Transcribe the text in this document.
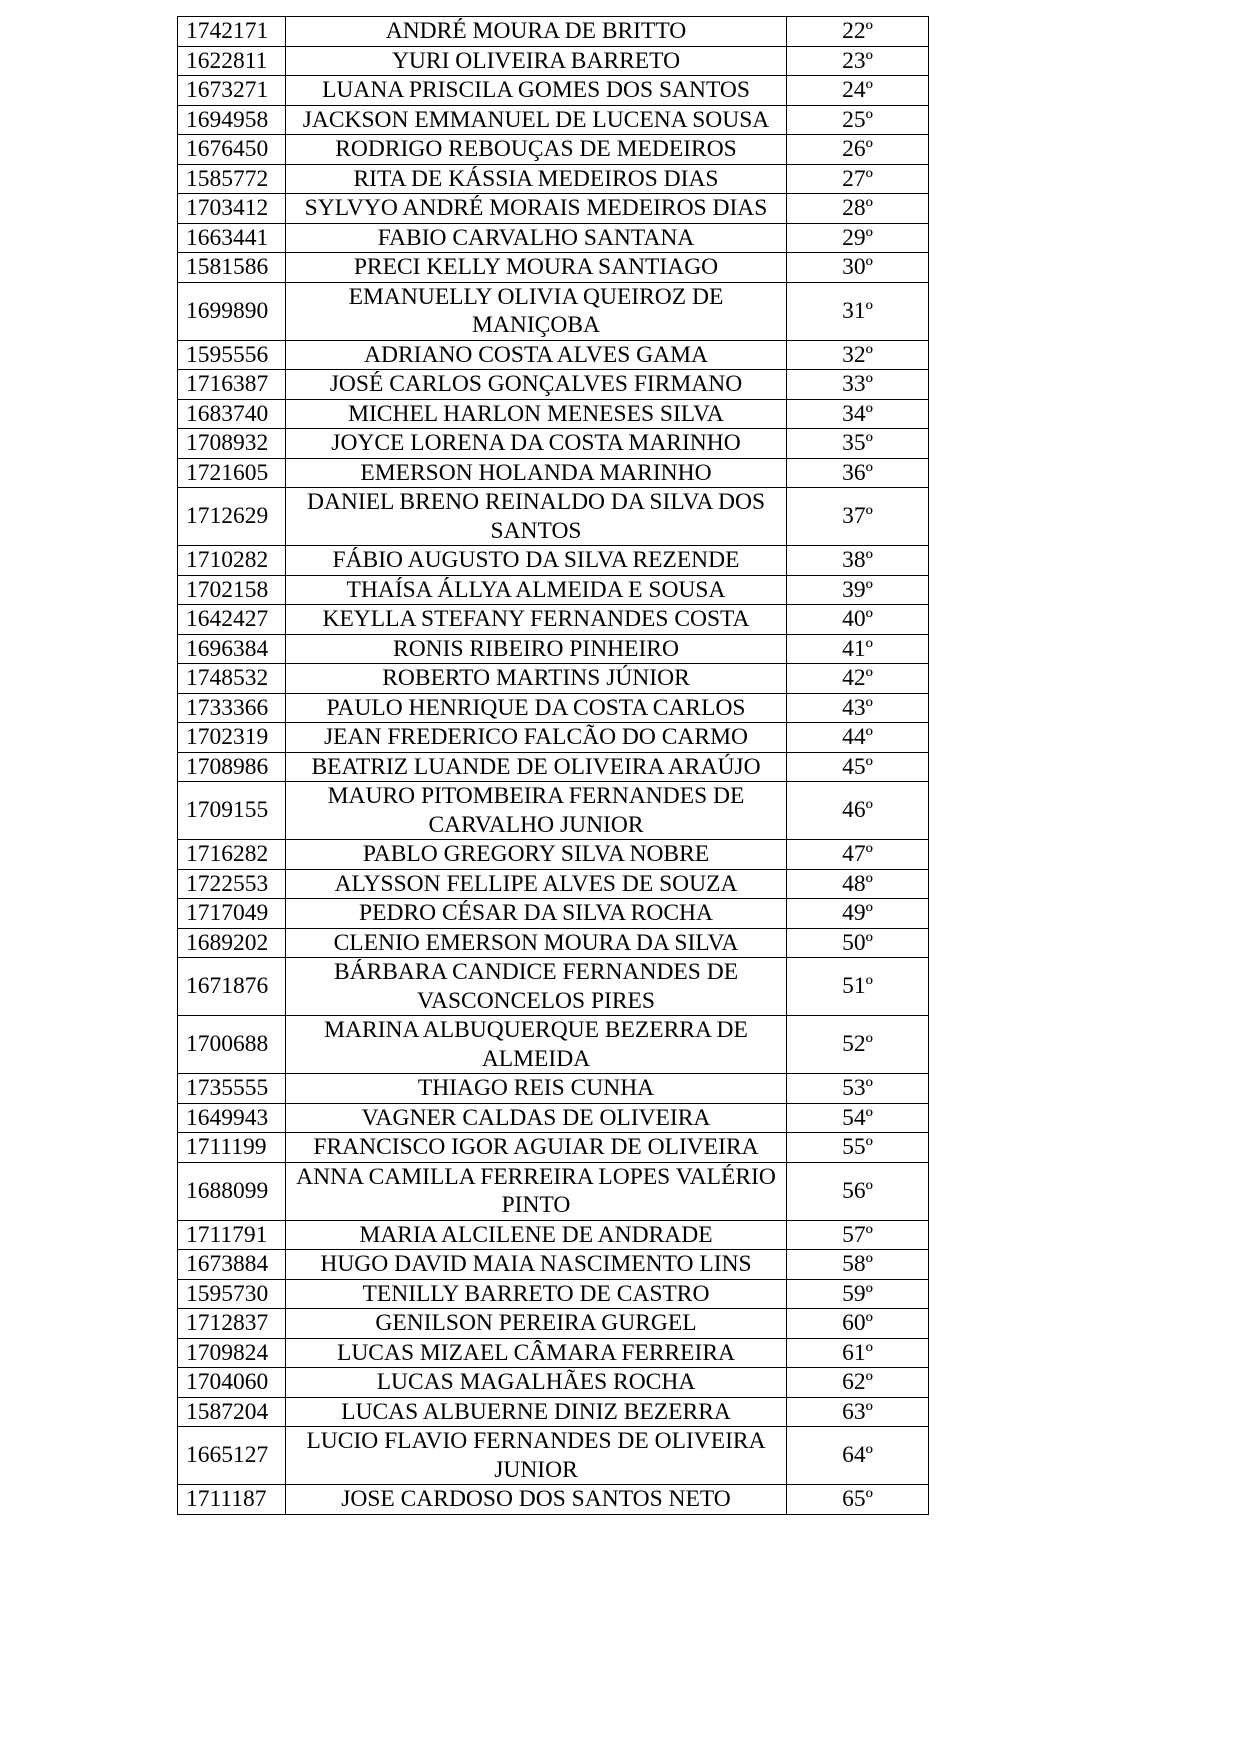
1742171	ANDRÉ MOURA DE BRITTO	22º
1622811	YURI OLIVEIRA BARRETO	23º
1673271	LUANA PRISCILA GOMES DOS SANTOS	24º
1694958	JACKSON EMMANUEL DE LUCENA SOUSA	25º
1676450	RODRIGO REBOUÇAS DE MEDEIROS	26º
1585772	RITA DE KÁSSIA MEDEIROS DIAS	27º
1703412	SYLVYO ANDRÉ MORAIS MEDEIROS DIAS	28º
1663441	FABIO CARVALHO SANTANA	29º
1581586	PRECI KELLY MOURA SANTIAGO	30º
1699890	EMANUELLY OLIVIA QUEIROZ DE MANIÇOBA	31º
1595556	ADRIANO COSTA ALVES GAMA	32º
1716387	JOSÉ CARLOS GONÇALVES FIRMANO	33º
1683740	MICHEL HARLON MENESES SILVA	34º
1708932	JOYCE LORENA DA COSTA MARINHO	35º
1721605	EMERSON HOLANDA MARINHO	36º
1712629	DANIEL BRENO REINALDO DA SILVA DOS SANTOS	37º
1710282	FÁBIO AUGUSTO DA SILVA REZENDE	38º
1702158	THAÍSA ÁLLYA ALMEIDA E SOUSA	39º
1642427	KEYLLA STEFANY FERNANDES COSTA	40º
1696384	RONIS RIBEIRO PINHEIRO	41º
1748532	ROBERTO MARTINS JÚNIOR	42º
1733366	PAULO HENRIQUE DA COSTA CARLOS	43º
1702319	JEAN FREDERICO FALCÃO DO CARMO	44º
1708986	BEATRIZ LUANDE DE OLIVEIRA ARAÚJO	45º
1709155	MAURO PITOMBEIRA FERNANDES DE CARVALHO JUNIOR	46º
1716282	PABLO GREGORY SILVA NOBRE	47º
1722553	ALYSSON FELLIPE ALVES DE SOUZA	48º
1717049	PEDRO CÉSAR DA SILVA ROCHA	49º
1689202	CLENIO EMERSON MOURA DA SILVA	50º
1671876	BÁRBARA CANDICE FERNANDES DE VASCONCELOS PIRES	51º
1700688	MARINA ALBUQUERQUE BEZERRA DE ALMEIDA	52º
1735555	THIAGO REIS CUNHA	53º
1649943	VAGNER CALDAS DE OLIVEIRA	54º
1711199	FRANCISCO IGOR AGUIAR DE OLIVEIRA	55º
1688099	ANNA CAMILLA FERREIRA LOPES VALÉRIO PINTO	56º
1711791	MARIA ALCILENE DE ANDRADE	57º
1673884	HUGO DAVID MAIA NASCIMENTO LINS	58º
1595730	TENILLY BARRETO DE CASTRO	59º
1712837	GENILSON PEREIRA GURGEL	60º
1709824	LUCAS MIZAEL CÂMARA FERREIRA	61º
1704060	LUCAS MAGALHÃES ROCHA	62º
1587204	LUCAS ALBUERNE DINIZ BEZERRA	63º
1665127	LUCIO FLAVIO FERNANDES DE OLIVEIRA JUNIOR	64º
1711187	JOSE CARDOSO DOS SANTOS NETO	65º
